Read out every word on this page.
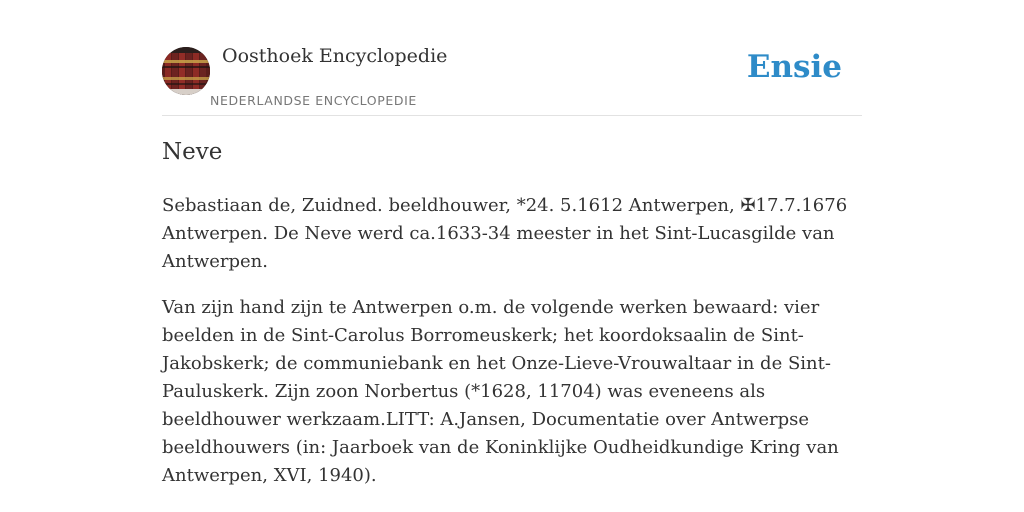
Oosthoek Encyclopedie
NEDERLANDSE ENCYCLOPEDIE
Ensie
Neve

Sebastiaan de, Zuidned. beeldhouwer, *24. 5.1612 Antwerpen, ✠17.7.1676 Antwerpen. De Neve werd ca.1633-34 meester in het Sint-Lucasgilde van Antwerpen.

Van zijn hand zijn te Antwerpen o.m. de volgende werken bewaard: vier beelden in de Sint-Carolus Borromeuskerk; het koordoksaalin de Sint-Jakobskerk; de communiebank en het Onze-Lieve-Vrouwaltaar in de Sint-Pauluskerk. Zijn zoon Norbertus (*1628, 11704) was eveneens als beeldhouwer werkzaam.LITT: A.Jansen, Documentatie over Antwerpse beeldhouwers (in: Jaarboek van de Koninklijke Oudheidkundige Kring van Antwerpen, XVI, 1940).
